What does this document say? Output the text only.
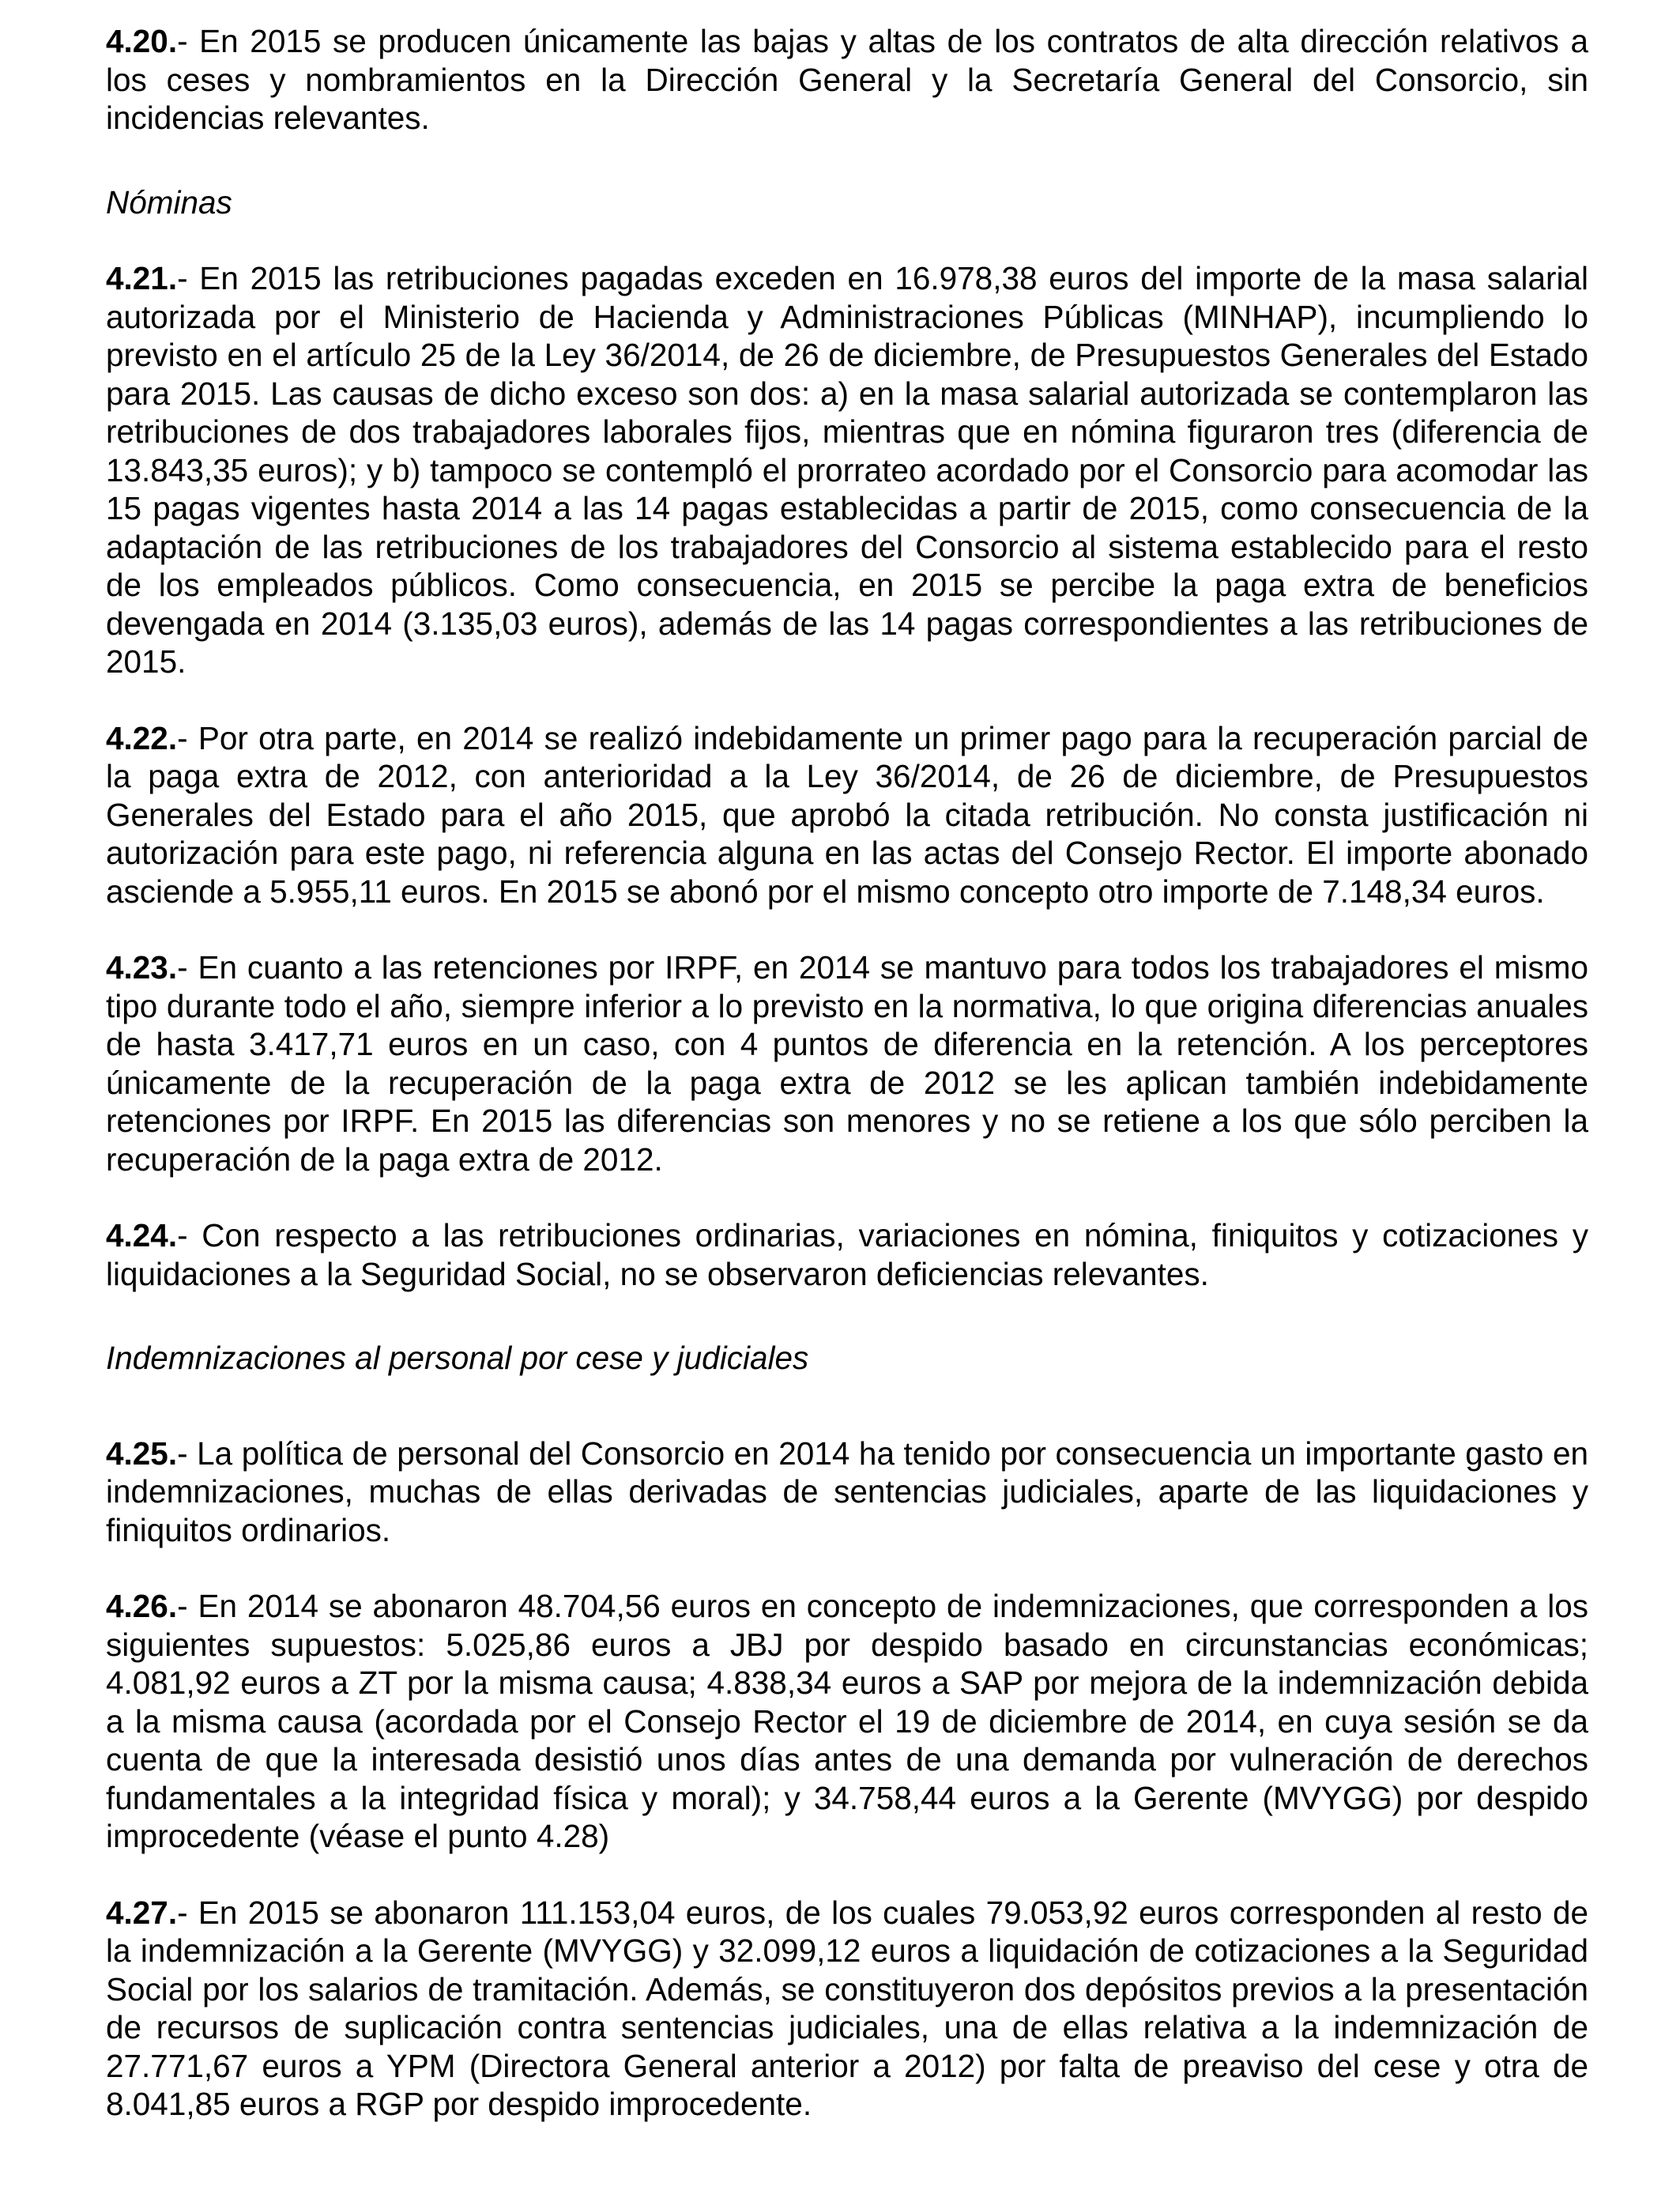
4.20.- En 2015 se producen únicamente las bajas y altas de los contratos de alta dirección relativos a los ceses y nombramientos en la Dirección General y la Secretaría General del Consorcio, sin incidencias relevantes.

Nóminas

4.21.- En 2015 las retribuciones pagadas exceden en 16.978,38 euros del importe de la masa salarial autorizada por el Ministerio de Hacienda y Administraciones Públicas (MINHAP), incumpliendo lo previsto en el artículo 25 de la Ley 36/2014, de 26 de diciembre, de Presupuestos Generales del Estado para 2015. Las causas de dicho exceso son dos: a) en la masa salarial autorizada se contemplaron las retribuciones de dos trabajadores laborales fijos, mientras que en nómina figuraron tres (diferencia de 13.843,35 euros); y b) tampoco se contempló el prorrateo acordado por el Consorcio para acomodar las 15 pagas vigentes hasta 2014 a las 14 pagas establecidas a partir de 2015, como consecuencia de la adaptación de las retribuciones de los trabajadores del Consorcio al sistema establecido para el resto de los empleados públicos. Como consecuencia, en 2015 se percibe la paga extra de beneficios devengada en 2014 (3.135,03 euros), además de las 14 pagas correspondientes a las retribuciones de 2015.

4.22.- Por otra parte, en 2014 se realizó indebidamente un primer pago para la recuperación parcial de la paga extra de 2012, con anterioridad a la Ley 36/2014, de 26 de diciembre, de Presupuestos Generales del Estado para el año 2015, que aprobó la citada retribución. No consta justificación ni autorización para este pago, ni referencia alguna en las actas del Consejo Rector. El importe abonado asciende a 5.955,11 euros. En 2015 se abonó por el mismo concepto otro importe de 7.148,34 euros.

4.23.- En cuanto a las retenciones por IRPF, en 2014 se mantuvo para todos los trabajadores el mismo tipo durante todo el año, siempre inferior a lo previsto en la normativa, lo que origina diferencias anuales de hasta 3.417,71 euros en un caso, con 4 puntos de diferencia en la retención. A los perceptores únicamente de la recuperación de la paga extra de 2012 se les aplican también indebidamente retenciones por IRPF. En 2015 las diferencias son menores y no se retiene a los que sólo perciben la recuperación de la paga extra de 2012.

4.24.- Con respecto a las retribuciones ordinarias, variaciones en nómina, finiquitos y cotizaciones y liquidaciones a la Seguridad Social, no se observaron deficiencias relevantes.

Indemnizaciones al personal por cese y judiciales

4.25.- La política de personal del Consorcio en 2014 ha tenido por consecuencia un importante gasto en indemnizaciones, muchas de ellas derivadas de sentencias judiciales, aparte de las liquidaciones y finiquitos ordinarios.

4.26.- En 2014 se abonaron 48.704,56 euros en concepto de indemnizaciones, que corresponden a los siguientes supuestos: 5.025,86 euros a JBJ por despido basado en circunstancias económicas; 4.081,92 euros a ZT por la misma causa; 4.838,34 euros a SAP por mejora de la indemnización debida a la misma causa (acordada por el Consejo Rector el 19 de diciembre de 2014, en cuya sesión se da cuenta de que la interesada desistió unos días antes de una demanda por vulneración de derechos fundamentales a la integridad física y moral); y 34.758,44 euros a la Gerente (MVYGG) por despido improcedente (véase el punto 4.28)

4.27.- En 2015 se abonaron 111.153,04 euros, de los cuales 79.053,92 euros corresponden al resto de la indemnización a la Gerente (MVYGG) y 32.099,12 euros a liquidación de cotizaciones a la Seguridad Social por los salarios de tramitación. Además, se constituyeron dos depósitos previos a la presentación de recursos de suplicación contra sentencias judiciales, una de ellas relativa a la indemnización de 27.771,67 euros a YPM (Directora General anterior a 2012) por falta de preaviso del cese y otra de 8.041,85 euros a RGP por despido improcedente.
